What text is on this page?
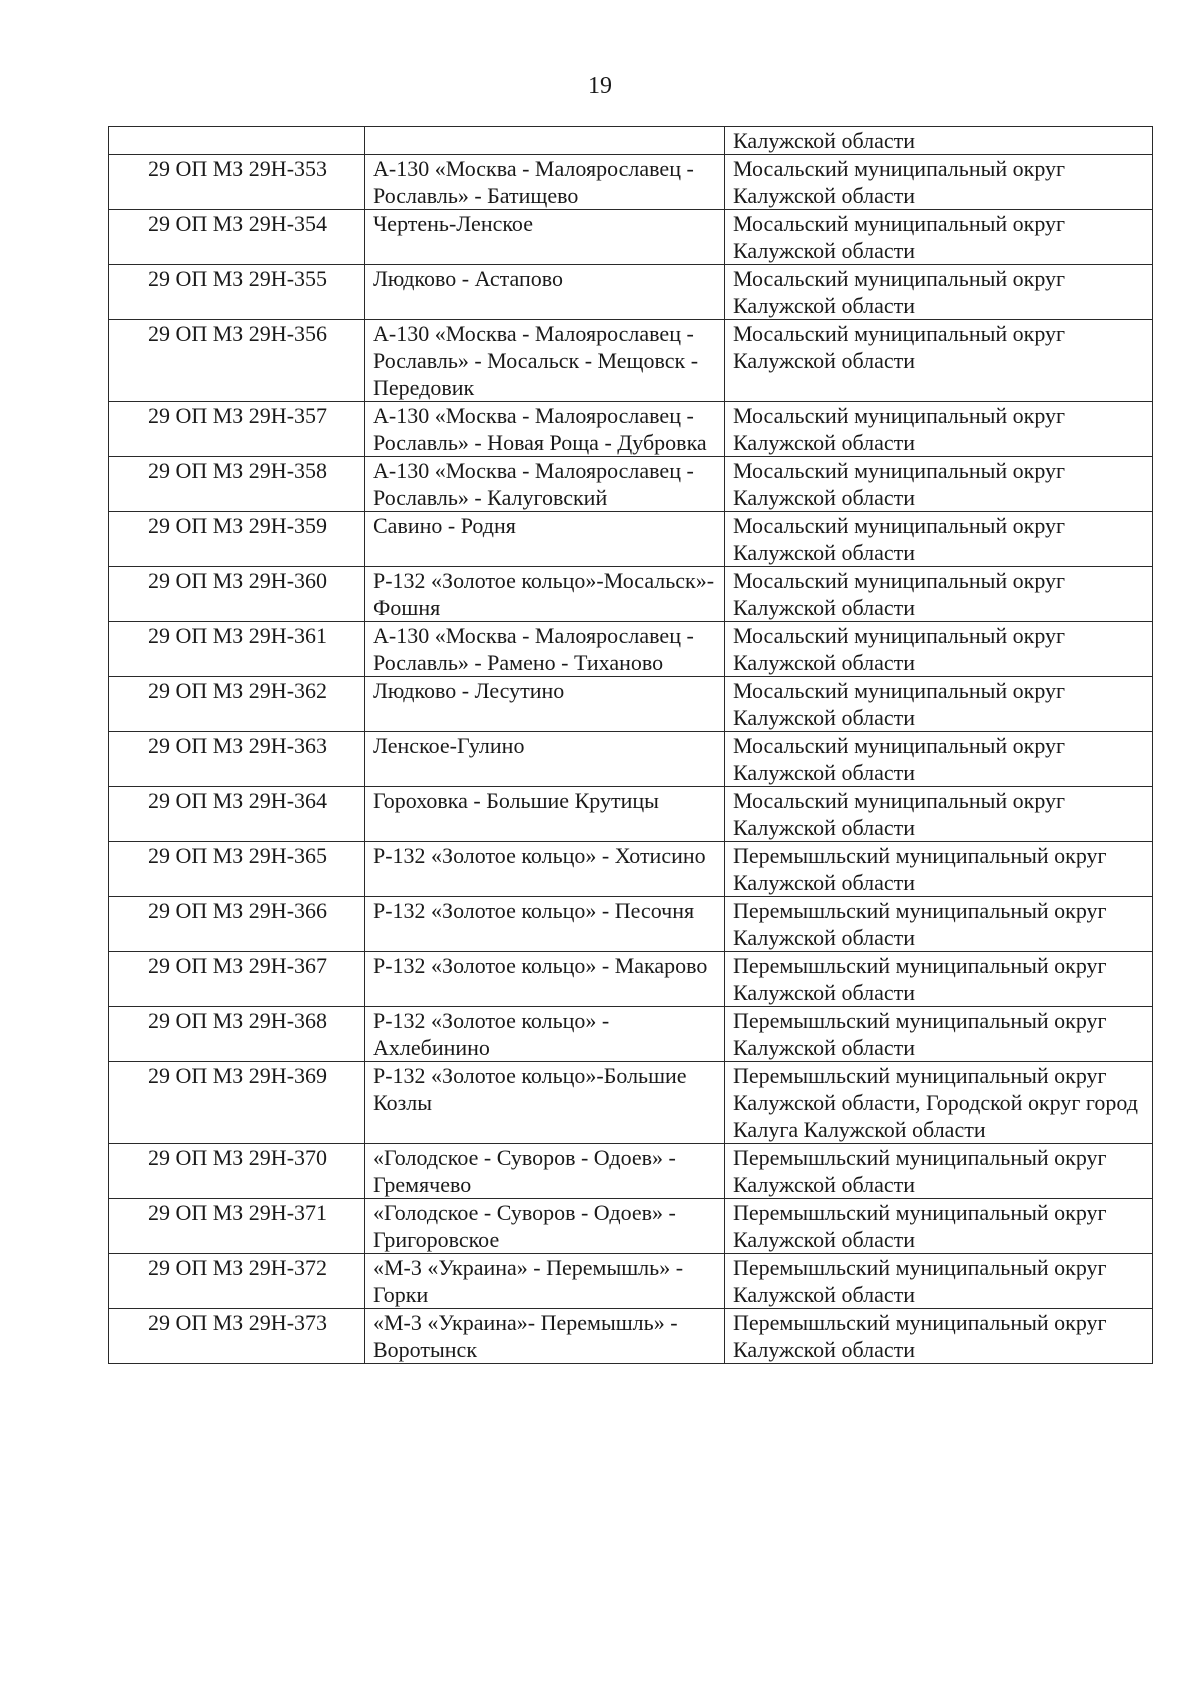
19
		Калужской области
29 ОП МЗ 29Н-353	А-130 «Москва - Малоярославец - Рославль» - Батищево	Мосальский муниципальный округ Калужской области
29 ОП МЗ 29Н-354	Чертень-Ленское	Мосальский муниципальный округ Калужской области
29 ОП МЗ 29Н-355	Людково - Астапово	Мосальский муниципальный округ Калужской области
29 ОП МЗ 29Н-356	А-130 «Москва - Малоярославец - Рославль» - Мосальск - Мещовск - Передовик	Мосальский муниципальный округ Калужской области
29 ОП МЗ 29Н-357	А-130 «Москва - Малоярославец - Рославль» - Новая Роща - Дубровка	Мосальский муниципальный округ Калужской области
29 ОП МЗ 29Н-358	А-130 «Москва - Малоярославец - Рославль» - Калуговский	Мосальский муниципальный округ Калужской области
29 ОП МЗ 29Н-359	Савино - Родня	Мосальский муниципальный округ Калужской области
29 ОП МЗ 29Н-360	Р-132 «Золотое кольцо»-Мосальск»-Фошня	Мосальский муниципальный округ Калужской области
29 ОП МЗ 29Н-361	А-130 «Москва - Малоярославец - Рославль» - Рамено - Тиханово	Мосальский муниципальный округ Калужской области
29 ОП МЗ 29Н-362	Людково - Лесутино	Мосальский муниципальный округ Калужской области
29 ОП МЗ 29Н-363	Ленское-Гулино	Мосальский муниципальный округ Калужской области
29 ОП МЗ 29Н-364	Гороховка - Большие Крутицы	Мосальский муниципальный округ Калужской области
29 ОП МЗ 29Н-365	Р-132 «Золотое кольцо» - Хотисино	Перемышльский муниципальный округ Калужской области
29 ОП МЗ 29Н-366	Р-132 «Золотое кольцо» - Песочня	Перемышльский муниципальный округ Калужской области
29 ОП МЗ 29Н-367	Р-132 «Золотое кольцо» - Макарово	Перемышльский муниципальный округ Калужской области
29 ОП МЗ 29Н-368	Р-132 «Золотое кольцо» - Ахлебинино	Перемышльский муниципальный округ Калужской области
29 ОП МЗ 29Н-369	Р-132 «Золотое кольцо»-Большие Козлы	Перемышльский муниципальный округ Калужской области, Городской округ город Калуга Калужской области
29 ОП МЗ 29Н-370	«Голодское - Суворов - Одоев» - Гремячево	Перемышльский муниципальный округ Калужской области
29 ОП МЗ 29Н-371	«Голодское - Суворов - Одоев» - Григоровское	Перемышльский муниципальный округ Калужской области
29 ОП МЗ 29Н-372	«М-3 «Украина» - Перемышль» - Горки	Перемышльский муниципальный округ Калужской области
29 ОП МЗ 29Н-373	«М-3 «Украина»- Перемышль» - Воротынск	Перемышльский муниципальный округ Калужской области
